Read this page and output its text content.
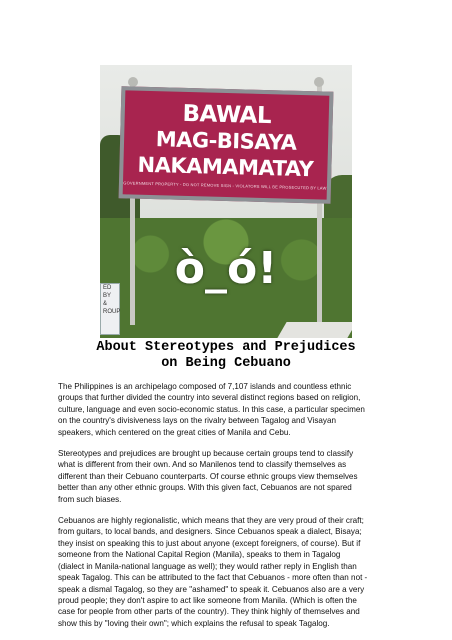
ED BY
&
ROUP
BAWAL
MAG-BISAYA
NAKAMAMATAY
GOVERNMENT PROPERTY - DO NOT REMOVE SIGN - VIOLATORS WILL BE PROSECUTED BY LAW
ò_ó!
About Stereotypes and Prejudices
on Being Cebuano

The Philippines is an archipelago composed of 7,107 islands and countless ethnic groups that further divided the country into several distinct regions based on religion, culture, language and even socio-economic status. In this case, a particular specimen on the country's divisiveness lays on the rivalry between Tagalog and Visayan speakers, which centered on the great cities of Manila and Cebu.

Stereotypes and prejudices are brought up because certain groups tend to classify what is different from their own. And so Manilenos tend to classify themselves as different than their Cebuano counterparts. Of course ethnic groups view themselves better than any other ethnic groups. With this given fact, Cebuanos are not spared from such biases.

Cebuanos are highly regionalistic, which means that they are very proud of their craft; from guitars, to local bands, and designers. Since Cebuanos speak a dialect, Bisaya; they insist on speaking this to just about anyone (except foreigners, of course). But if someone from the National Capital Region (Manila), speaks to them in Tagalog (dialect in Manila-national language as well); they would rather reply in English than speak Tagalog. This can be attributed to the fact that Cebuanos - more often than not - speak a dismal Tagalog, so they are "ashamed" to speak it. Cebuanos also are a very proud people; they don't aspire to act like someone from Manila. (Which is often the case for people from other parts of the country). They think highly of themselves and show this by "loving their own"; which explains the refusal to speak Tagalog.
